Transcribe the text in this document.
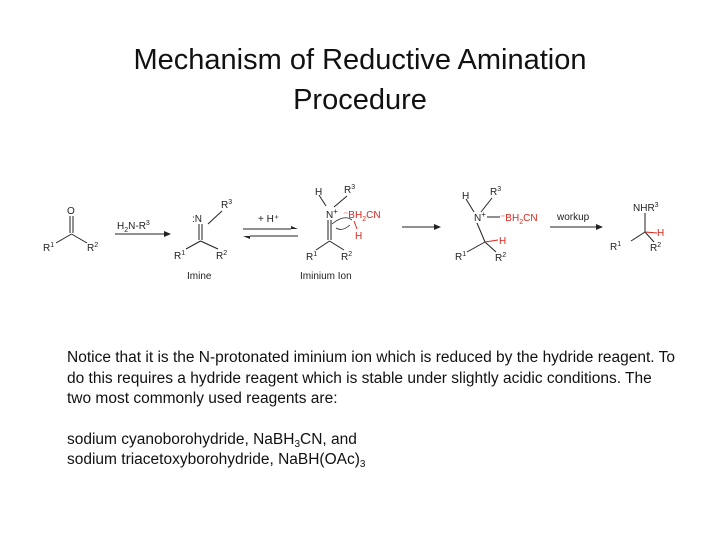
Mechanism of Reductive Amination
Procedure
O
$R^1$	$R^2$
$H_2N-R^3$	:N
$R^3$
$R^1$	$R^2$
Imine
+ H⁺
H
N+
$R^3$
$R^1$ $R^2$
$^-BH_2CN$
H
Iminium Ion
H
N+
$R^3$
$^-BH_2CN$
H
$R^1$	$R^2$
workup
NHR$^3$
H
$R^1$	$R^2$

Notice that it is the N-protonated iminium ion which is reduced by the hydride reagent. To do this requires a hydride reagent which is stable under slightly acidic conditions. The two most commonly used reagents are:

sodium cyanoborohydride, NaBH$_3$CN, and
sodium triacetoxyborohydride, $NaBH(OAc)_3$
